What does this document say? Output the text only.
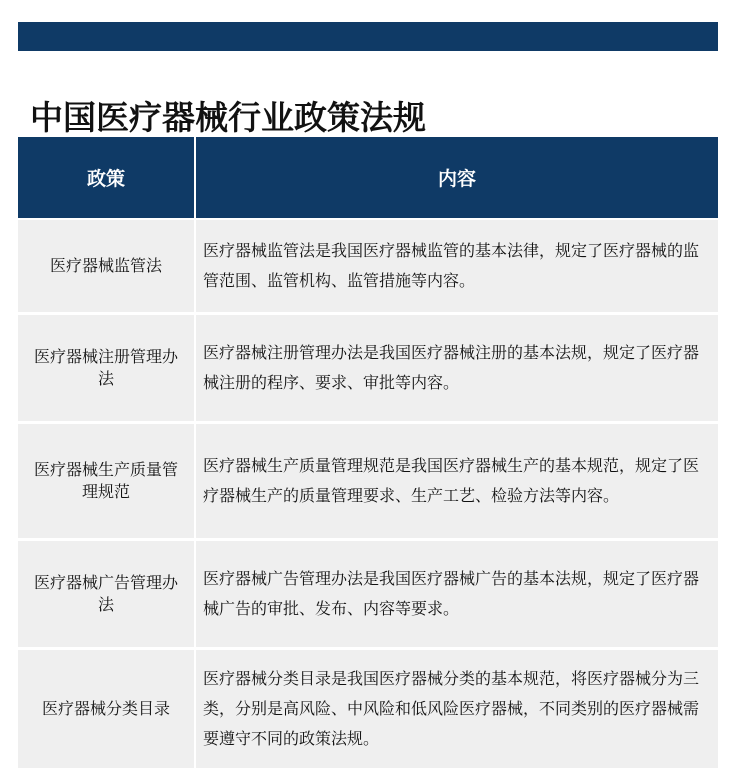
中国医疗器械行业政策法规
政策	内容
医疗器械监管法	医疗器械监管法是我国医疗器械监管的基本法律，规定了医疗器械的监管范围、监管机构、监管措施等内容。
医疗器械注册管理办法	医疗器械注册管理办法是我国医疗器械注册的基本法规，规定了医疗器械注册的程序、要求、审批等内容。
医疗器械生产质量管理规范	医疗器械生产质量管理规范是我国医疗器械生产的基本规范，规定了医疗器械生产的质量管理要求、生产工艺、检验方法等内容。
医疗器械广告管理办法	医疗器械广告管理办法是我国医疗器械广告的基本法规，规定了医疗器械广告的审批、发布、内容等要求。
医疗器械分类目录	医疗器械分类目录是我国医疗器械分类的基本规范，将医疗器械分为三类，分别是高风险、中风险和低风险医疗器械，不同类别的医疗器械需要遵守不同的政策法规。
